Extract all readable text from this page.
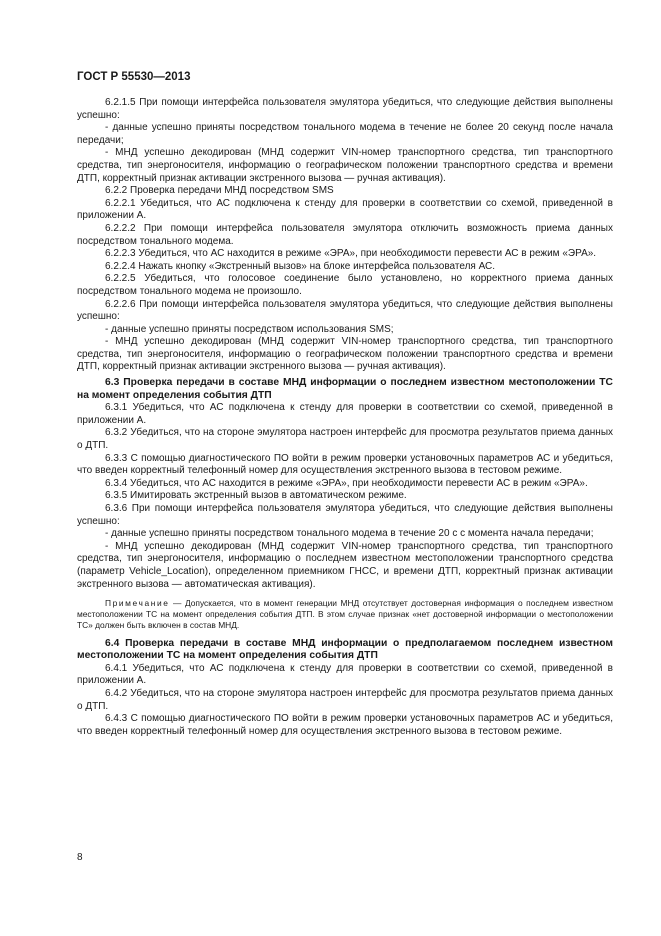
ГОСТ Р 55530—2013

6.2.1.5 При помощи интерфейса пользователя эмулятора убедиться, что следующие действия выполнены успешно:

- данные успешно приняты посредством тонального модема в течение не более 20 секунд после начала передачи;

- МНД успешно декодирован (МНД содержит VIN-номер транспортного средства, тип транспортного средства, тип энергоносителя, информацию о географическом положении транспортного средства и времени ДТП, корректный признак активации экстренного вызова — ручная активация).

6.2.2 Проверка передачи МНД посредством SMS

6.2.2.1 Убедиться, что АС подключена к стенду для проверки в соответствии со схемой, приведенной в приложении А.

6.2.2.2 При помощи интерфейса пользователя эмулятора отключить возможность приема данных посредством тонального модема.

6.2.2.3 Убедиться, что АС находится в режиме «ЭРА», при необходимости перевести АС в режим «ЭРА».

6.2.2.4 Нажать кнопку «Экстренный вызов» на блоке интерфейса пользователя АС.

6.2.2.5 Убедиться, что голосовое соединение было установлено, но корректного приема данных посредством тонального модема не произошло.

6.2.2.6 При помощи интерфейса пользователя эмулятора убедиться, что следующие действия выполнены успешно:

- данные успешно приняты посредством использования SMS;

- МНД успешно декодирован (МНД содержит VIN-номер транспортного средства, тип транспортного средства, тип энергоносителя, информацию о географическом положении транспортного средства и времени ДТП, корректный признак активации экстренного вызова — ручная активация).

6.3 Проверка передачи в составе МНД информации о последнем известном местоположении ТС на момент определения события ДТП

6.3.1 Убедиться, что АС подключена к стенду для проверки в соответствии со схемой, приведенной в приложении А.

6.3.2 Убедиться, что на стороне эмулятора настроен интерфейс для просмотра результатов приема данных о ДТП.

6.3.3 С помощью диагностического ПО войти в режим проверки установочных параметров АС и убедиться, что введен корректный телефонный номер для осуществления экстренного вызова в тестовом режиме.

6.3.4 Убедиться, что АС находится в режиме «ЭРА», при необходимости перевести АС в режим «ЭРА».

6.3.5 Имитировать экстренный вызов в автоматическом режиме.

6.3.6 При помощи интерфейса пользователя эмулятора убедиться, что следующие действия выполнены успешно:

- данные успешно приняты посредством тонального модема в течение 20 с с момента начала передачи;

- МНД успешно декодирован (МНД содержит VIN-номер транспортного средства, тип транспортного средства, тип энергоносителя, информацию о последнем известном местоположении транспортного средства (параметр Vehicle_Location), определенном приемником ГНСС, и времени ДТП, корректный признак активации экстренного вызова — автоматическая активация).

Примечание — Допускается, что в момент генерации МНД отсутствует достоверная информация о последнем известном местоположении ТС на момент определения события ДТП. В этом случае признак «нет достоверной информации о местоположении ТС» должен быть включен в состав МНД.

6.4 Проверка передачи в составе МНД информации о предполагаемом последнем известном местоположении ТС на момент определения события ДТП

6.4.1 Убедиться, что АС подключена к стенду для проверки в соответствии со схемой, приведенной в приложении А.

6.4.2 Убедиться, что на стороне эмулятора настроен интерфейс для просмотра результатов приема данных о ДТП.

6.4.3 С помощью диагностического ПО войти в режим проверки установочных параметров АС и убедиться, что введен корректный телефонный номер для осуществления экстренного вызова в тестовом режиме.

8
